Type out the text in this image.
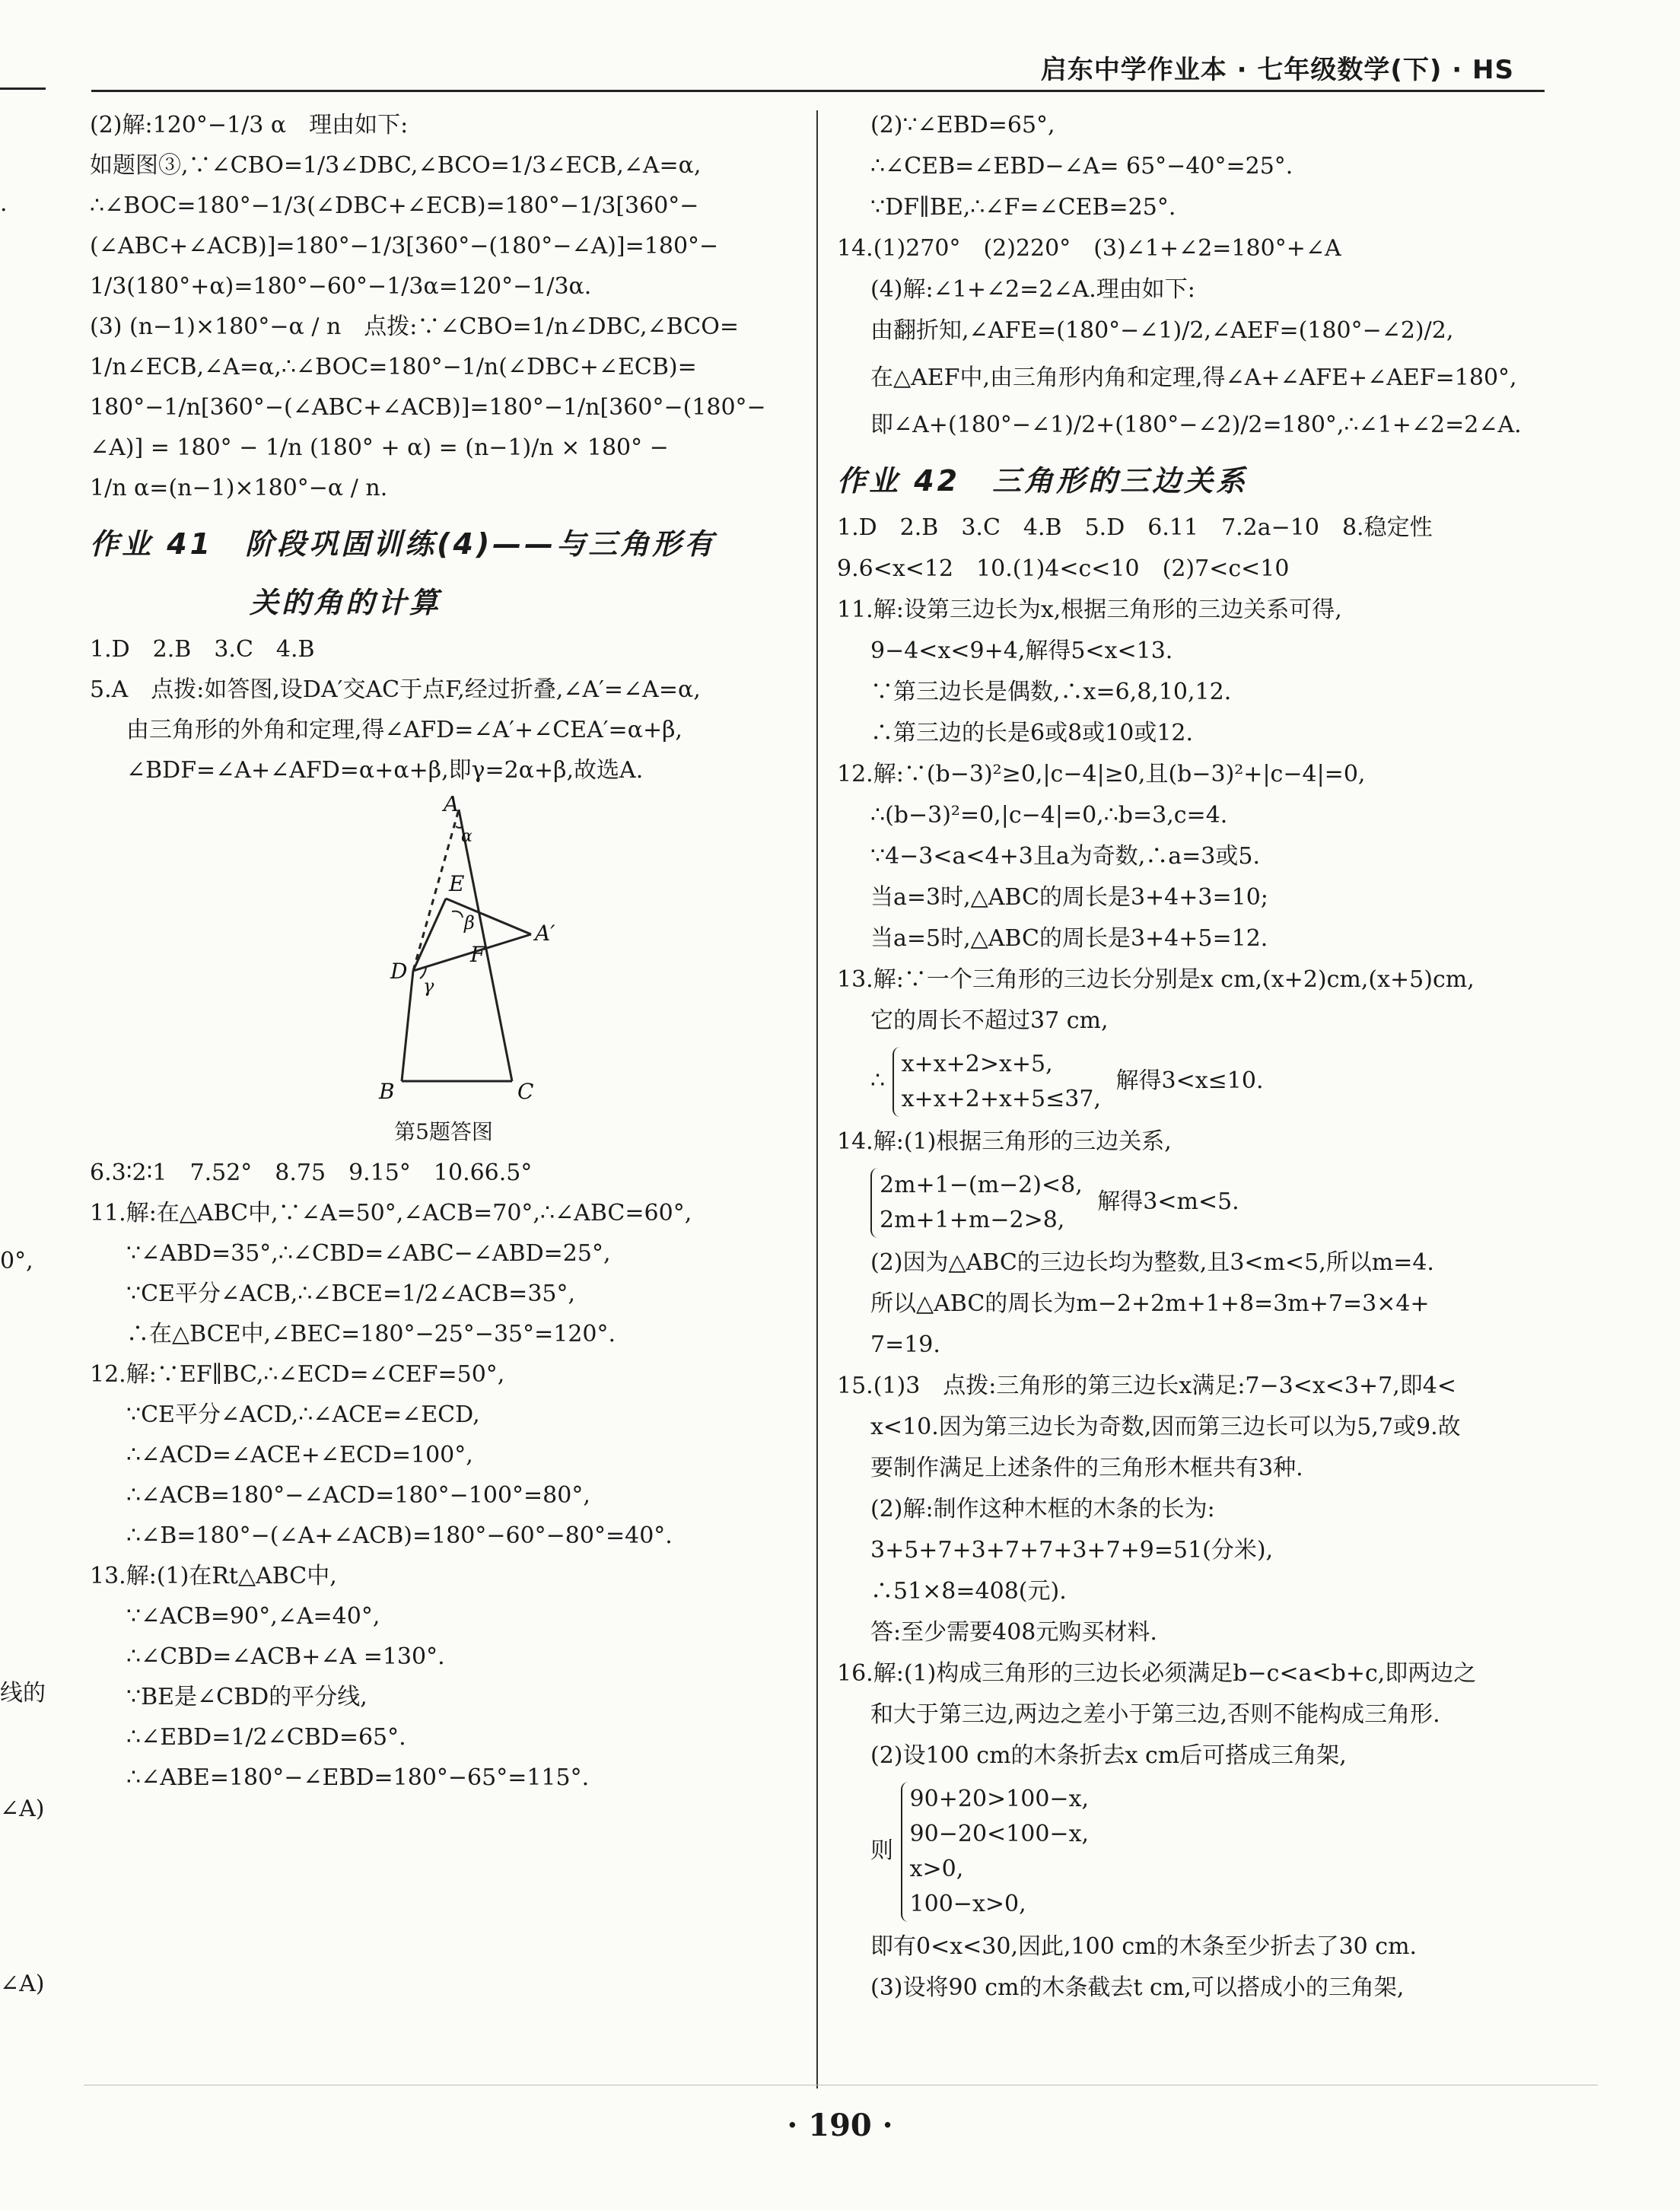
启东中学作业本 · 七年级数学(下) · HS
.
0°,
线的
∠A)
∠A)
(2)解:120°−1/3 α　理由如下:
如题图③,∵∠CBO=1/3∠DBC,∠BCO=1/3∠ECB,∠A=α,
∴∠BOC=180°−1/3(∠DBC+∠ECB)=180°−1/3[360°−
(∠ABC+∠ACB)]=180°−1/3[360°−(180°−∠A)]=180°−
1/3(180°+α)=180°−60°−1/3α=120°−1/3α.
(3) (n−1)×180°−α / n　点拨:∵∠CBO=1/n∠DBC,∠BCO=
1/n∠ECB,∠A=α,∴∠BOC=180°−1/n(∠DBC+∠ECB)=
180°−1/n[360°−(∠ABC+∠ACB)]=180°−1/n[360°−(180°−
∠A)] = 180° − 1/n (180° + α) = (n−1)/n × 180° −
1/n α=(n−1)×180°−α / n.
作业 41　阶段巩固训练(4)——与三角形有
关的角的计算
1.D　2.B　3.C　4.B
5.A　点拨:如答图,设DA′交AC于点F,经过折叠,∠A′=∠A=α,
由三角形的外角和定理,得∠AFD=∠A′+∠CEA′=α+β,
∠BDF=∠A+∠AFD=α+α+β,即γ=2α+β,故选A.
A
α
E
β	A′
D
γ
F
B	C
第5题答图
6.3∶2∶1　7.52°　8.75　9.15°　10.66.5°
11.解:在△ABC中,∵∠A=50°,∠ACB=70°,∴∠ABC=60°,
∵∠ABD=35°,∴∠CBD=∠ABC−∠ABD=25°,
∵CE平分∠ACB,∴∠BCE=1/2∠ACB=35°,
∴在△BCE中,∠BEC=180°−25°−35°=120°.
12.解:∵EF∥BC,∴∠ECD=∠CEF=50°,
∵CE平分∠ACD,∴∠ACE=∠ECD,
∴∠ACD=∠ACE+∠ECD=100°,
∴∠ACB=180°−∠ACD=180°−100°=80°,
∴∠B=180°−(∠A+∠ACB)=180°−60°−80°=40°.
13.解:(1)在Rt△ABC中,
∵∠ACB=90°,∠A=40°,
∴∠CBD=∠ACB+∠A =130°.
∵BE是∠CBD的平分线,
∴∠EBD=1/2∠CBD=65°.
∴∠ABE=180°−∠EBD=180°−65°=115°.
(2)∵∠EBD=65°,
∴∠CEB=∠EBD−∠A= 65°−40°=25°.
∵DF∥BE,∴∠F=∠CEB=25°.
14.(1)270°　(2)220°　(3)∠1+∠2=180°+∠A
(4)解:∠1+∠2=2∠A.理由如下:
由翻折知,∠AFE=(180°−∠1)/2,∠AEF=(180°−∠2)/2,
在△AEF中,由三角形内角和定理,得∠A+∠AFE+∠AEF=180°,
即∠A+(180°−∠1)/2+(180°−∠2)/2=180°,∴∠1+∠2=2∠A.
作业 42　三角形的三边关系
1.D　2.B　3.C　4.B　5.D　6.11　7.2a−10　8.稳定性
9.6<x<12　10.(1)4<c<10　(2)7<c<10
11.解:设第三边长为x,根据三角形的三边关系可得,
9−4<x<9+4,解得5<x<13.
∵第三边长是偶数,∴x=6,8,10,12.
∴第三边的长是6或8或10或12.
12.解:∵(b−3)²≥0,|c−4|≥0,且(b−3)²+|c−4|=0,
∴(b−3)²=0,|c−4|=0,∴b=3,c=4.
∵4−3<a<4+3且a为奇数,∴a=3或5.
当a=3时,△ABC的周长是3+4+3=10;
当a=5时,△ABC的周长是3+4+5=12.
13.解:∵一个三角形的三边长分别是x cm,(x+2)cm,(x+5)cm,
它的周长不超过37 cm,
∴ x+x+2>x+5,
x+x+2+x+5≤37, 解得3<x≤10.
14.解:(1)根据三角形的三边关系,
2m+1−(m−2)<8,
2m+1+m−2>8, 解得3<m<5.
(2)因为△ABC的三边长均为整数,且3<m<5,所以m=4.
所以△ABC的周长为m−2+2m+1+8=3m+7=3×4+
7=19.
15.(1)3　点拨:三角形的第三边长x满足:7−3<x<3+7,即4<
x<10.因为第三边长为奇数,因而第三边长可以为5,7或9.故
要制作满足上述条件的三角形木框共有3种.
(2)解:制作这种木框的木条的长为:
3+5+7+3+7+7+3+7+9=51(分米),
∴51×8=408(元).
答:至少需要408元购买材料.
16.解:(1)构成三角形的三边长必须满足b−c<a<b+c,即两边之
和大于第三边,两边之差小于第三边,否则不能构成三角形.
(2)设100 cm的木条折去x cm后可搭成三角架,
则 90+20>100−x,
90−20<100−x,
x>0,
100−x>0,
即有0<x<30,因此,100 cm的木条至少折去了30 cm.
(3)设将90 cm的木条截去t cm,可以搭成小的三角架,
· 190 ·
